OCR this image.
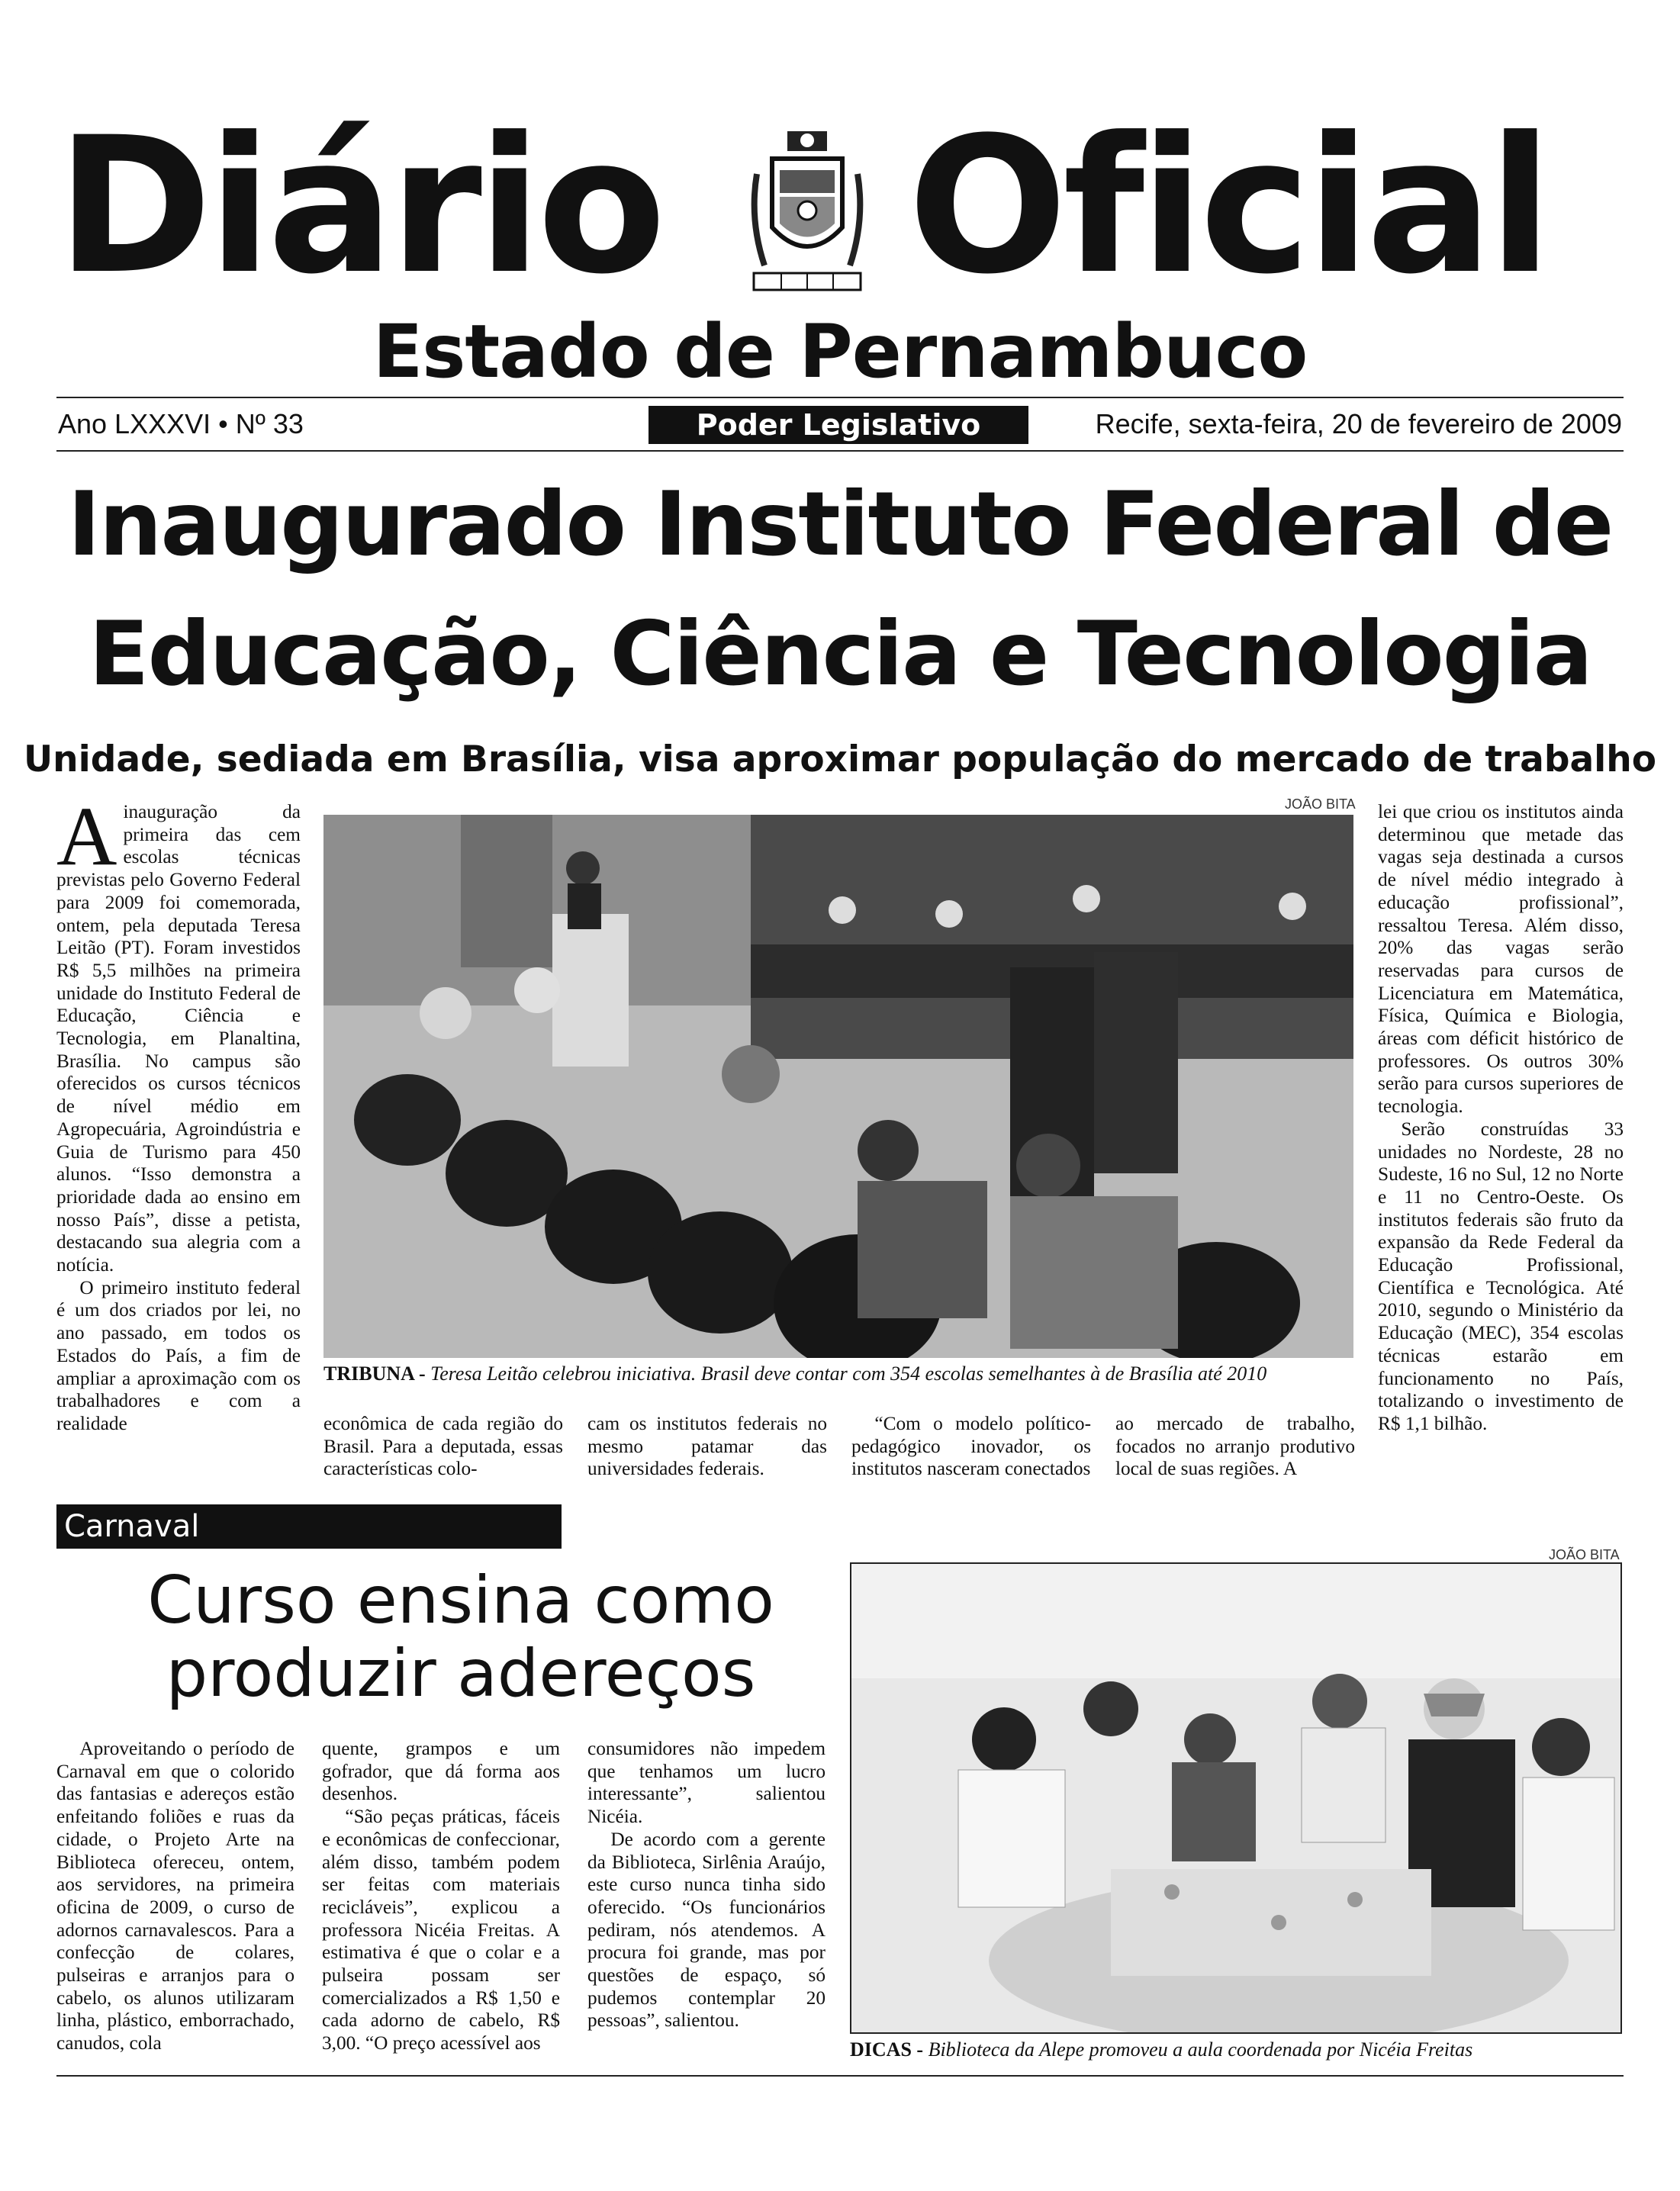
Diário Oficial
Estado de Pernambuco
Ano LXXXVI • Nº 33	Poder Legislativo	Recife, sexta-feira, 20 de fevereiro de 2009
Inaugurado Instituto Federal de
Educação, Ciência e Tecnologia
Unidade, sediada em Brasília, visa aproximar população do mercado de trabalho

Ainauguração da primeira das cem escolas técnicas previstas pelo Governo Federal para 2009 foi comemorada, ontem, pela deputada Teresa Leitão (PT). Foram investidos R$ 5,5 milhões na primeira unidade do Instituto Federal de Educação, Ciência e Tecnologia, em Planaltina, Brasília. No campus são oferecidos os cursos técnicos de nível médio em Agropecuária, Agroindústria e Guia de Turismo para 450 alunos. “Isso demonstra a prioridade dada ao ensino em nosso País”, disse a petista, destacando sua alegria com a notícia.

O primeiro instituto federal é um dos criados por lei, no ano passado, em todos os Estados do País, a fim de ampliar a aproximação com os trabalhadores e com a realidade

JOÃO BITA
TRIBUNA - Teresa Leitão celebrou iniciativa. Brasil deve contar com 354 escolas semelhantes à de Brasília até 2010

econômica de cada região do Brasil. Para a deputada, essas características colo-

cam os institutos federais no mesmo patamar das universidades federais.

“Com o modelo político-pedagógico inovador, os institutos nasceram conectados

ao mercado de trabalho, focados no arranjo produtivo local de suas regiões. A

lei que criou os institutos ainda determinou que metade das vagas seja destinada a cursos de nível médio integrado à educação profissional”, ressaltou Teresa. Além disso, 20% das vagas serão reservadas para cursos de Licenciatura em Matemática, Física, Química e Biologia, áreas com déficit histórico de professores. Os outros 30% serão para cursos superiores de tecnologia.

Serão construídas 33 unidades no Nordeste, 28 no Sudeste, 16 no Sul, 12 no Norte e 11 no Centro-Oeste. Os institutos federais são fruto da expansão da Rede Federal da Educação Profissional, Científica e Tecnológica. Até 2010, segundo o Ministério da Educação (MEC), 354 escolas técnicas estarão em funcionamento no País, totalizando o investimento de R$ 1,1 bilhão.

Carnaval
Curso ensina como
produzir adereços

Aproveitando o período de Carnaval em que o colorido das fantasias e adereços estão enfeitando foliões e ruas da cidade, o Projeto Arte na Biblioteca ofereceu, ontem, aos servidores, na primeira oficina de 2009, o curso de adornos carnavalescos. Para a confecção de colares, pulseiras e arranjos para o cabelo, os alunos utilizaram linha, plástico, emborrachado, canudos, cola

quente, grampos e um gofrador, que dá forma aos desenhos.

“São peças práticas, fáceis e econômicas de confeccionar, além disso, também podem ser feitas com materiais recicláveis”, explicou a professora Nicéia Freitas. A estimativa é que o colar e a pulseira possam ser comercializados a R$ 1,50 e cada adorno de cabelo, R$ 3,00. “O preço acessível aos

consumidores não impedem que tenhamos um lucro interessante”, salientou Nicéia.

De acordo com a gerente da Biblioteca, Sirlênia Araújo, este curso nunca tinha sido oferecido. “Os funcionários pediram, nós atendemos. A procura foi grande, mas por questões de espaço, só pudemos contemplar 20 pessoas”, salientou.

JOÃO BITA
DICAS - Biblioteca da Alepe promoveu a aula coordenada por Nicéia Freitas
